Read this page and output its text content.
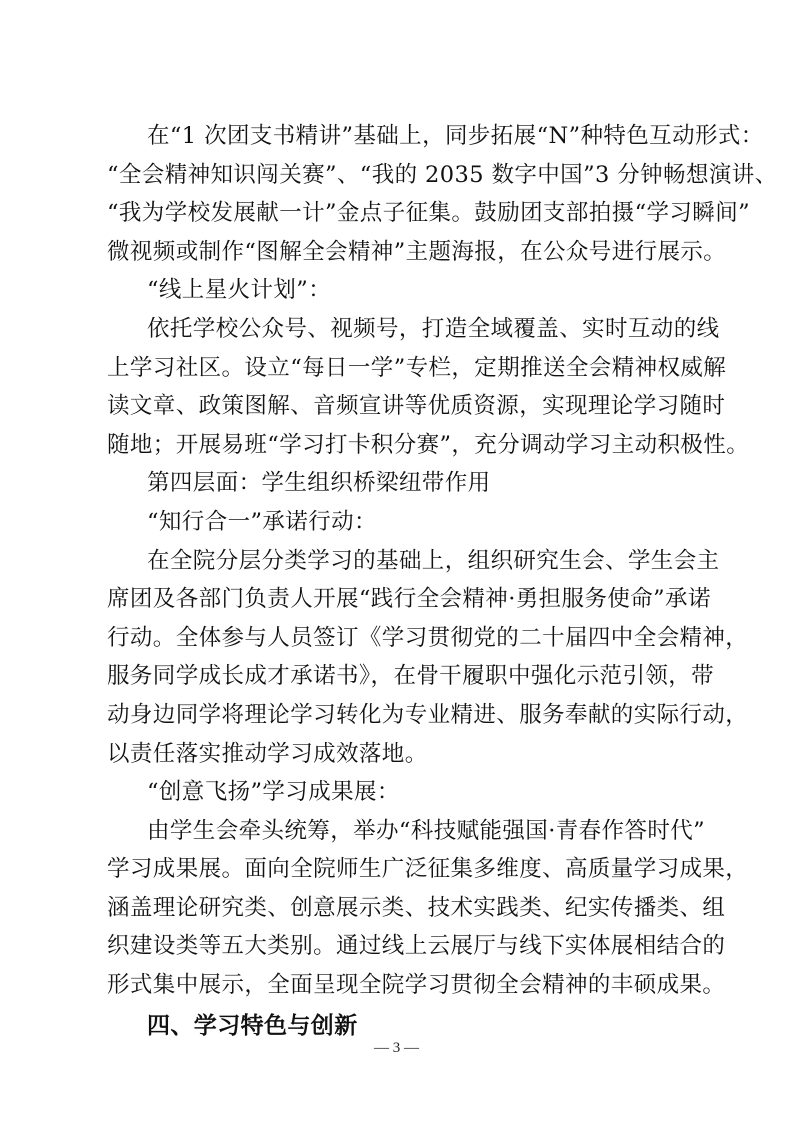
在“1 次团支书精讲”基础上，同步拓展“N”种特色互动形式：
“全会精神知识闯关赛”、“我的 2035 数字中国”3 分钟畅想演讲、
“我为学校发展献一计”金点子征集。鼓励团支部拍摄“学习瞬间”
微视频或制作“图解全会精神”主题海报，在公众号进行展示。
“线上星火计划”：
依托学校公众号、视频号，打造全域覆盖、实时互动的线
上学习社区。设立“每日一学”专栏，定期推送全会精神权威解
读文章、政策图解、音频宣讲等优质资源，实现理论学习随时
随地；开展易班“学习打卡积分赛”，充分调动学习主动积极性。
第四层面：学生组织桥梁纽带作用
“知行合一”承诺行动：
在全院分层分类学习的基础上，组织研究生会、学生会主
席团及各部门负责人开展“践行全会精神·勇担服务使命”承诺
行动。全体参与人员签订《学习贯彻党的二十届四中全会精神，
服务同学成长成才承诺书》，在骨干履职中强化示范引领，带
动身边同学将理论学习转化为专业精进、服务奉献的实际行动，
以责任落实推动学习成效落地。
“创意飞扬”学习成果展：
由学生会牵头统筹，举办“科技赋能强国·青春作答时代”
学习成果展。面向全院师生广泛征集多维度、高质量学习成果，
涵盖理论研究类、创意展示类、技术实践类、纪实传播类、组
织建设类等五大类别。通过线上云展厅与线下实体展相结合的
形式集中展示，全面呈现全院学习贯彻全会精神的丰硕成果。
四、学习特色与创新
— 3 —
